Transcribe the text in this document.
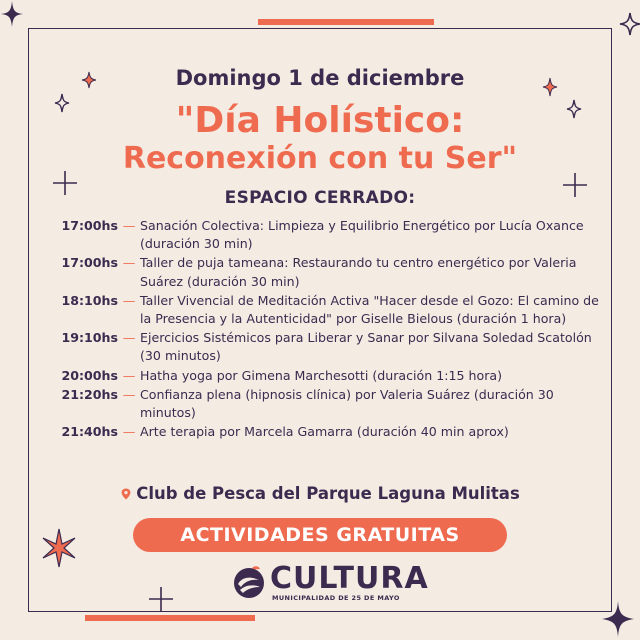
Domingo 1 de diciembre
"Día Holístico:
Reconexión con tu Ser"
ESPACIO CERRADO:
17:00hs — Sanación Colectiva: Limpieza y Equilibrio Energético por Lucía Oxance (duración 30 min)
17:00hs — Taller de puja tameana: Restaurando tu centro energético por Valeria Suárez (duración 30 min)
18:10hs — Taller Vivencial de Meditación Activa "Hacer desde el Gozo: El camino de la Presencia y la Autenticidad" por Giselle Bielous (duración 1 hora)
19:10hs — Ejercicios Sistémicos para Liberar y Sanar por Silvana Soledad Scatolón (30 minutos)
20:00hs — Hatha yoga por Gimena Marchesotti (duración 1:15 hora)
21:20hs — Confianza plena (hipnosis clínica) por Valeria Suárez (duración 30 minutos)
21:40hs — Arte terapia por Marcela Gamarra (duración 40 min aprox)
Club de Pesca del Parque Laguna Mulitas
ACTIVIDADES GRATUITAS
CULTURA
MUNICIPALIDAD DE 25 DE MAYO
